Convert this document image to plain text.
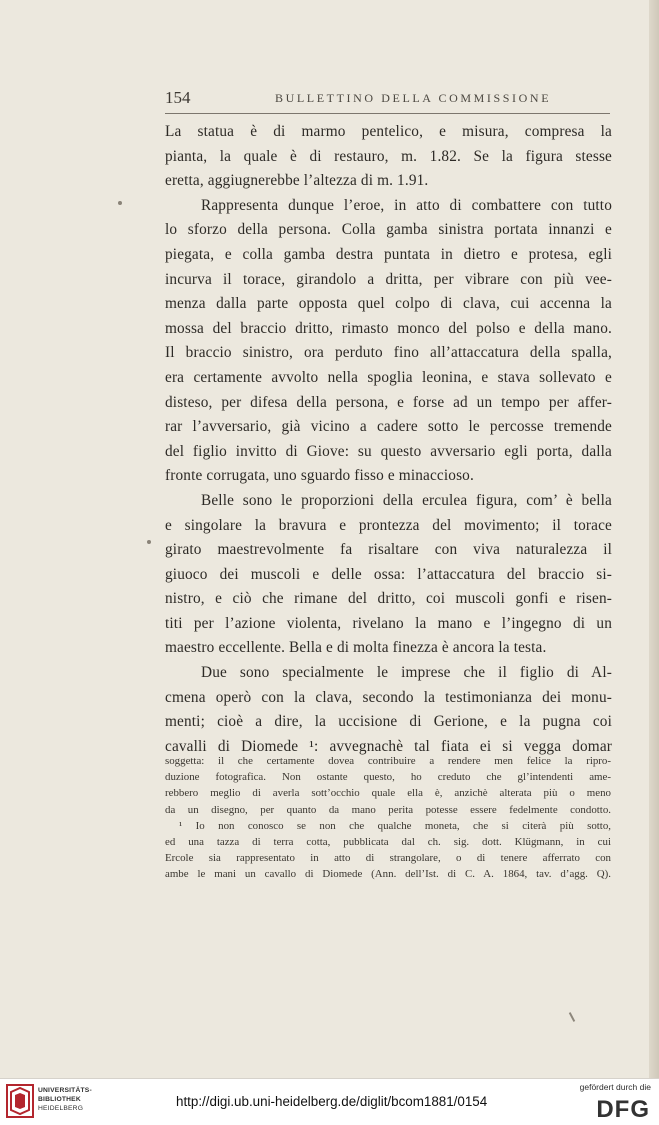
154	BULLETTINO DELLA COMMISSIONE
La statua è di marmo pentelico, e misura, compresa la
pianta, la quale è di restauro, m. 1.82. Se la figura stesse
eretta, aggiugnerebbe l’altezza di m. 1.91.
Rappresenta dunque l’eroe, in atto di combattere con tutto
lo sforzo della persona. Colla gamba sinistra portata innanzi e
piegata, e colla gamba destra puntata in dietro e protesa, egli
incurva il torace, girandolo a dritta, per vibrare con più vee-
menza dalla parte opposta quel colpo di clava, cui accenna la
mossa del braccio dritto, rimasto monco del polso e della mano.
Il braccio sinistro, ora perduto fino all’attaccatura della spalla,
era certamente avvolto nella spoglia leonina, e stava sollevato e
disteso, per difesa della persona, e forse ad un tempo per affer-
rar l’avversario, già vicino a cadere sotto le percosse tremende
del figlio invitto di Giove: su questo avversario egli porta, dalla
fronte corrugata, uno sguardo fisso e minaccioso.
Belle sono le proporzioni della erculea figura, com’ è bella
e singolare la bravura e prontezza del movimento; il torace
girato maestrevolmente fa risaltare con viva naturalezza il
giuoco dei muscoli e delle ossa: l’attaccatura del braccio si-
nistro, e ciò che rimane del dritto, coi muscoli gonfi e risen-
titi per l’azione violenta, rivelano la mano e l’ingegno di un
maestro eccellente. Bella e di molta finezza è ancora la testa.
Due sono specialmente le imprese che il figlio di Al-
cmena operò con la clava, secondo la testimonianza dei monu-
menti; cioè a dire, la uccisione di Gerione, e la pugna coi
cavalli di Diomede ¹: avvegnachè tal fiata ei si vegga domar
soggetta: il che certamente dovea contribuire a rendere men felice la ripro-
duzione fotografica. Non ostante questo, ho creduto che gl’intendenti ame-
rebbero meglio di averla sott’occhio quale ella è, anzichè alterata più o meno
da un disegno, per quanto da mano perita potesse essere fedelmente condotto.
¹ Io non conosco se non che qualche moneta, che si citerà più sotto,
ed una tazza di terra cotta, pubblicata dal ch. sig. dott. Klügmann, in cui
Ercole sia rappresentato in atto di strangolare, o di tenere afferrato con
ambe le mani un cavallo di Diomede (Ann. dell’Ist. di C. A. 1864, tav. d’agg. Q).
UNIVERSITÄTS-
BIBLIOTHEK
HEIDELBERG	http://digi.ub.uni-heidelberg.de/diglit/bcom1881/0154
gefördert durch die
DFG
